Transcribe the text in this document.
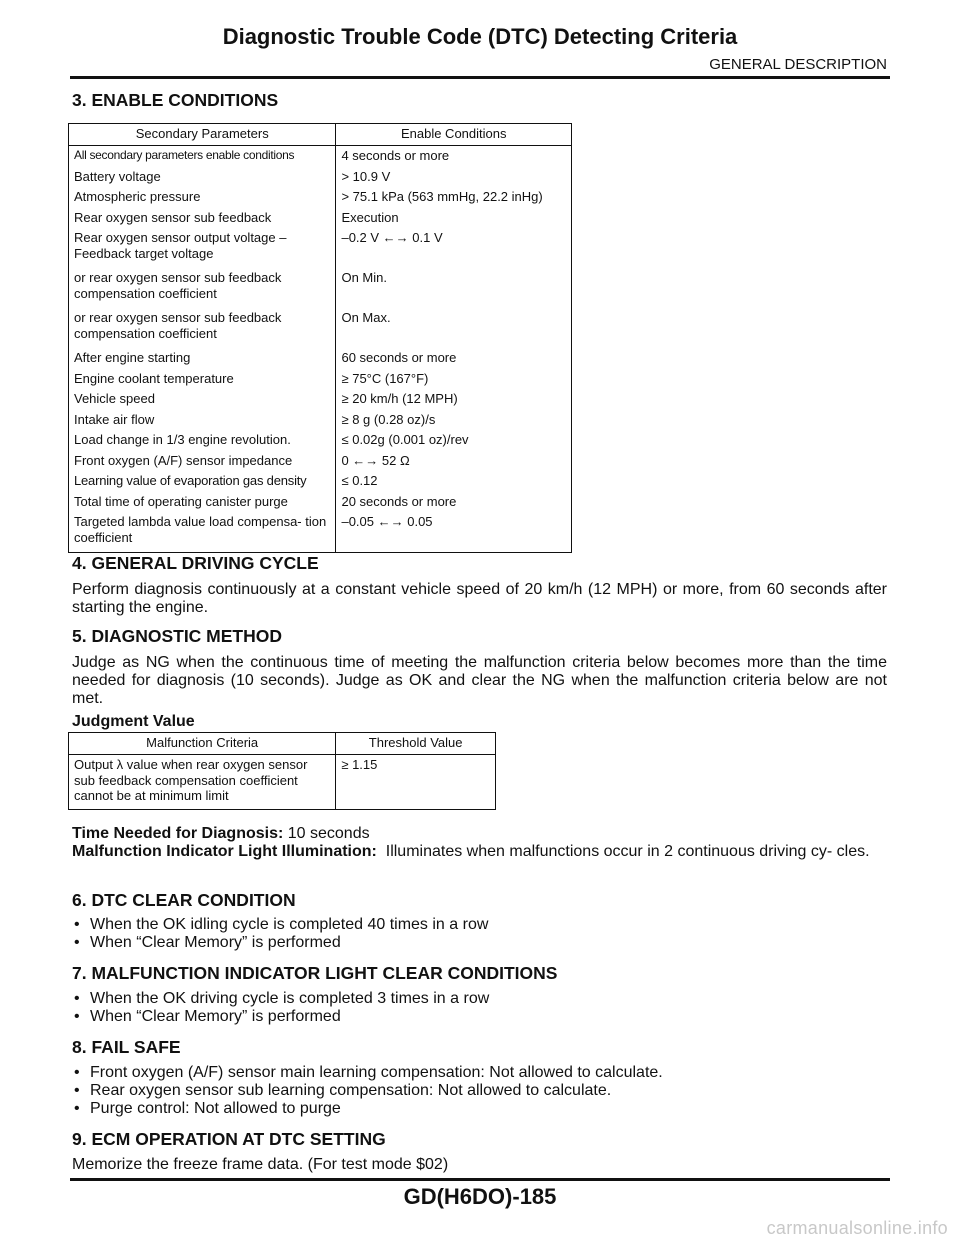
Diagnostic Trouble Code (DTC) Detecting Criteria
GENERAL DESCRIPTION
3. ENABLE CONDITIONS
Secondary Parameters	Enable Conditions
All secondary parameters enable conditions	4 seconds or more
Battery voltage	> 10.9 V
Atmospheric pressure	> 75.1 kPa (563 mmHg, 22.2 inHg)
Rear oxygen sensor sub feedback	Execution
Rear oxygen sensor output voltage – Feedback target voltage	–0.2 V ←→ 0.1 V
or rear oxygen sensor sub feedback compensation coefficient	On Min.
or rear oxygen sensor sub feedback compensation coefficient	On Max.
After engine starting	60 seconds or more
Engine coolant temperature	≥ 75°C (167°F)
Vehicle speed	≥ 20 km/h (12 MPH)
Intake air flow	≥ 8 g (0.28 oz)/s
Load change in 1/3 engine revolution.	≤ 0.02g (0.001 oz)/rev
Front oxygen (A/F) sensor impedance	0 ←→ 52 Ω
Learning value of evaporation gas density	≤ 0.12
Total time of operating canister purge	20 seconds or more
Targeted lambda value load compensa- tion coefficient	–0.05 ←→ 0.05
4. GENERAL DRIVING CYCLE

Perform diagnosis continuously at a constant vehicle speed of 20 km/h (12 MPH) or more, from 60 seconds after starting the engine.

5. DIAGNOSTIC METHOD

Judge as NG when the continuous time of meeting the malfunction criteria below becomes more than the time needed for diagnosis (10 seconds). Judge as OK and clear the NG when the malfunction criteria below are not met.

Judgment Value
Malfunction Criteria	Threshold Value
Output λ value when rear oxygen sensor sub feedback compensation coefficient cannot be at minimum limit	≥ 1.15

Time Needed for Diagnosis: 10 seconds

Malfunction Indicator Light Illumination: Illuminates when malfunctions occur in 2 continuous driving cy- cles.

6. DTC CLEAR CONDITION
• When the OK idling cycle is completed 40 times in a row
• When “Clear Memory” is performed
7. MALFUNCTION INDICATOR LIGHT CLEAR CONDITIONS
• When the OK driving cycle is completed 3 times in a row
• When “Clear Memory” is performed
8. FAIL SAFE
• Front oxygen (A/F) sensor main learning compensation: Not allowed to calculate.
• Rear oxygen sensor sub learning compensation: Not allowed to calculate.
• Purge control: Not allowed to purge
9. ECM OPERATION AT DTC SETTING

Memorize the freeze frame data. (For test mode $02)

GD(H6DO)-185
carmanualsonline.info
